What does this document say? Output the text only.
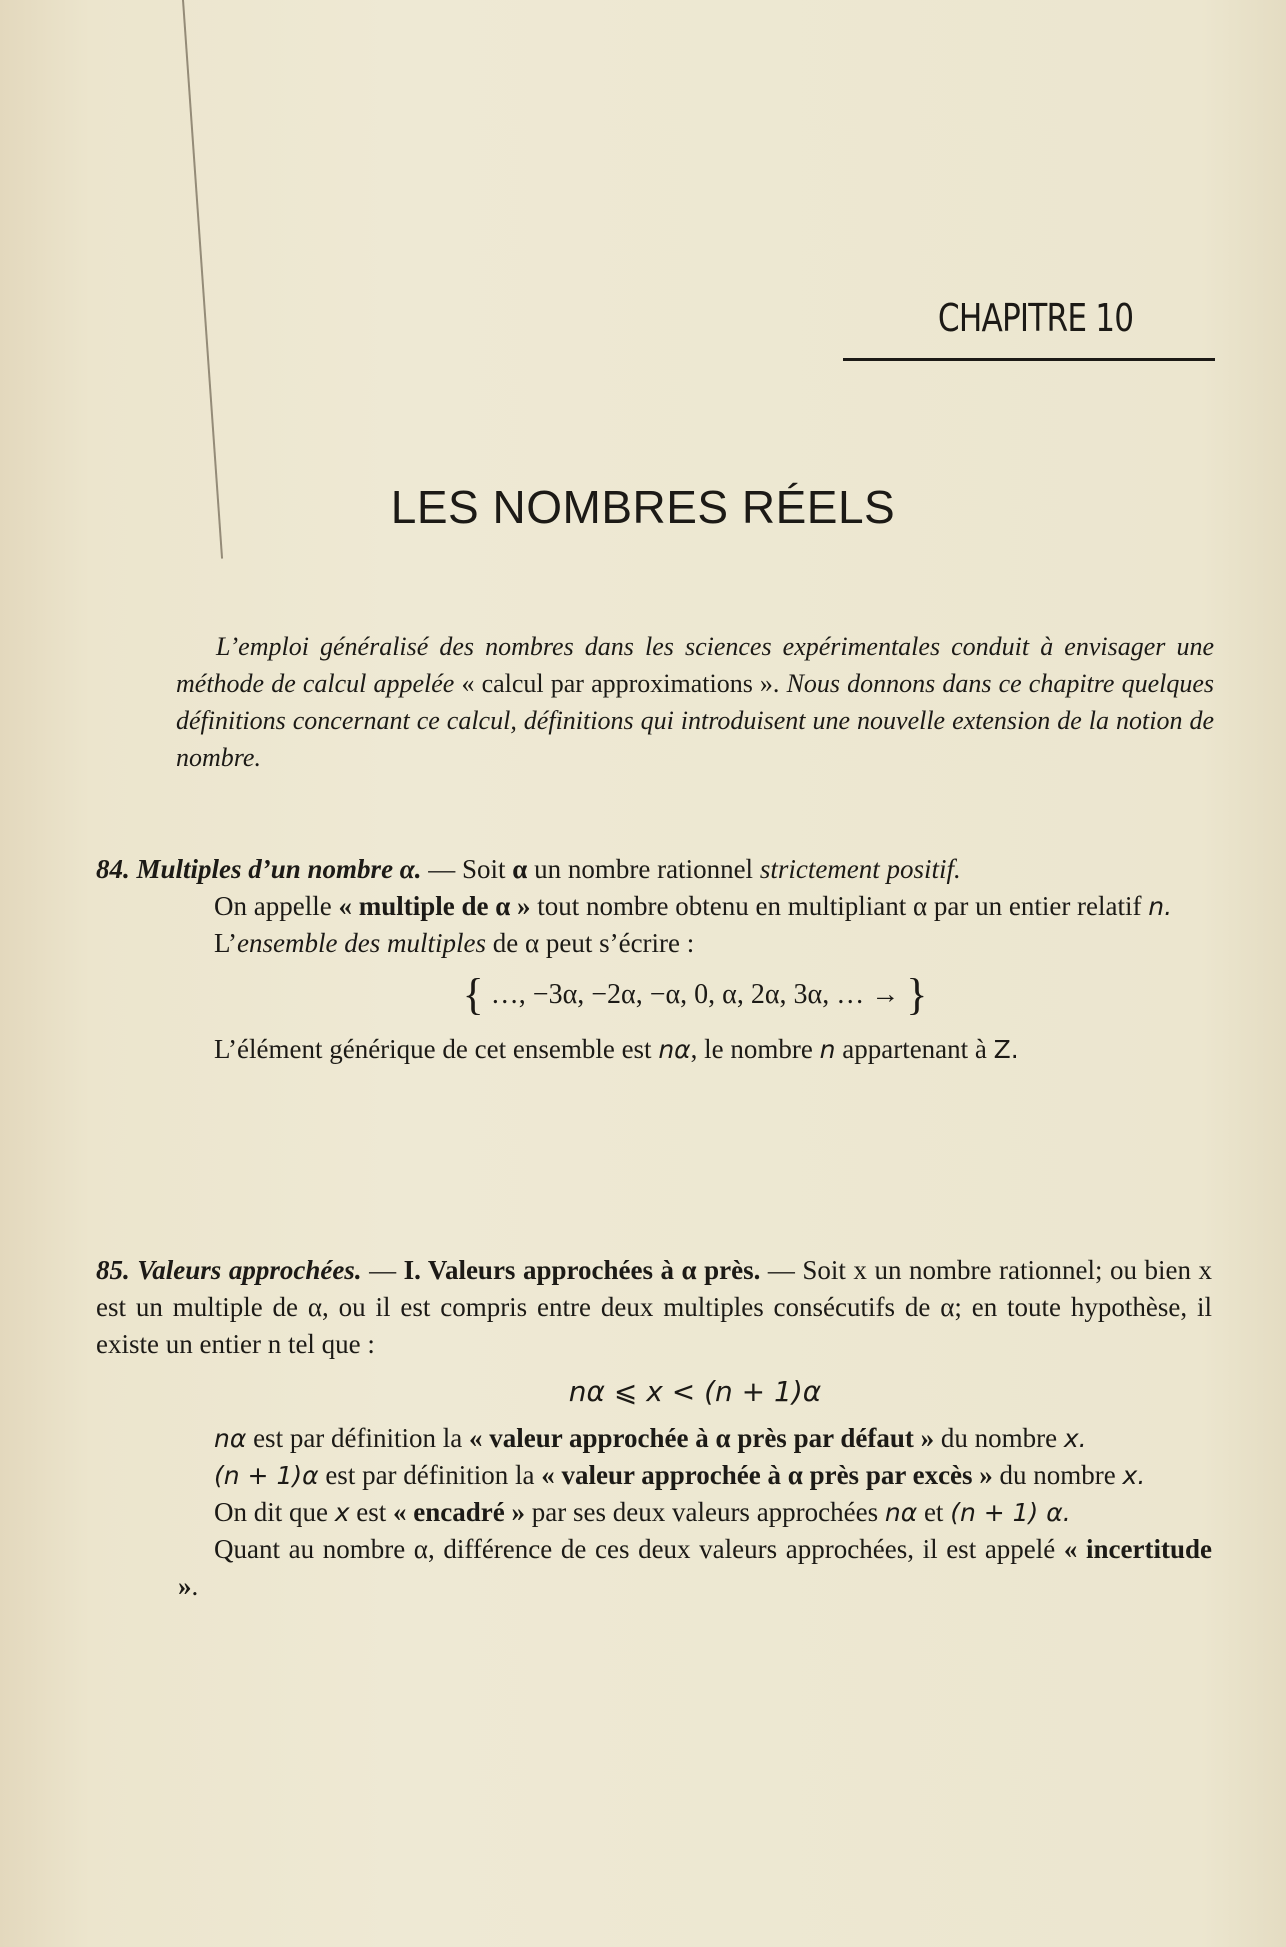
CHAPITRE 10
LES NOMBRES RÉELS
L’emploi généralisé des nombres dans les sciences expérimentales conduit à envisager une méthode de calcul appelée « calcul par approximations ». Nous donnons dans ce chapitre quelques définitions concernant ce calcul, définitions qui introduisent une nouvelle extension de la notion de nombre.
84. Multiples d’un nombre α. — Soit α un nombre rationnel strictement positif.
On appelle « multiple de α » tout nombre obtenu en multipliant α par un entier relatif n.
L’ensemble des multiples de α peut s’écrire :
{ …, −3α, −2α, −α, 0, α, 2α, 3α, … → }
L’élément générique de cet ensemble est nα, le nombre n appartenant à Z.
85. Valeurs approchées. — I. Valeurs approchées à α près. — Soit x un nombre rationnel; ou bien x est un multiple de α, ou il est compris entre deux multiples consécutifs de α; en toute hypothèse, il existe un entier n tel que :
nα ⩽ x < (n + 1)α
nα est par définition la « valeur approchée à α près par défaut » du nombre x.
(n + 1)α est par définition la « valeur approchée à α près par excès » du nombre x.
On dit que x est « encadré » par ses deux valeurs approchées nα et (n + 1) α.
Quant au nombre α, différence de ces deux valeurs approchées, il est appelé « incertitude ».
